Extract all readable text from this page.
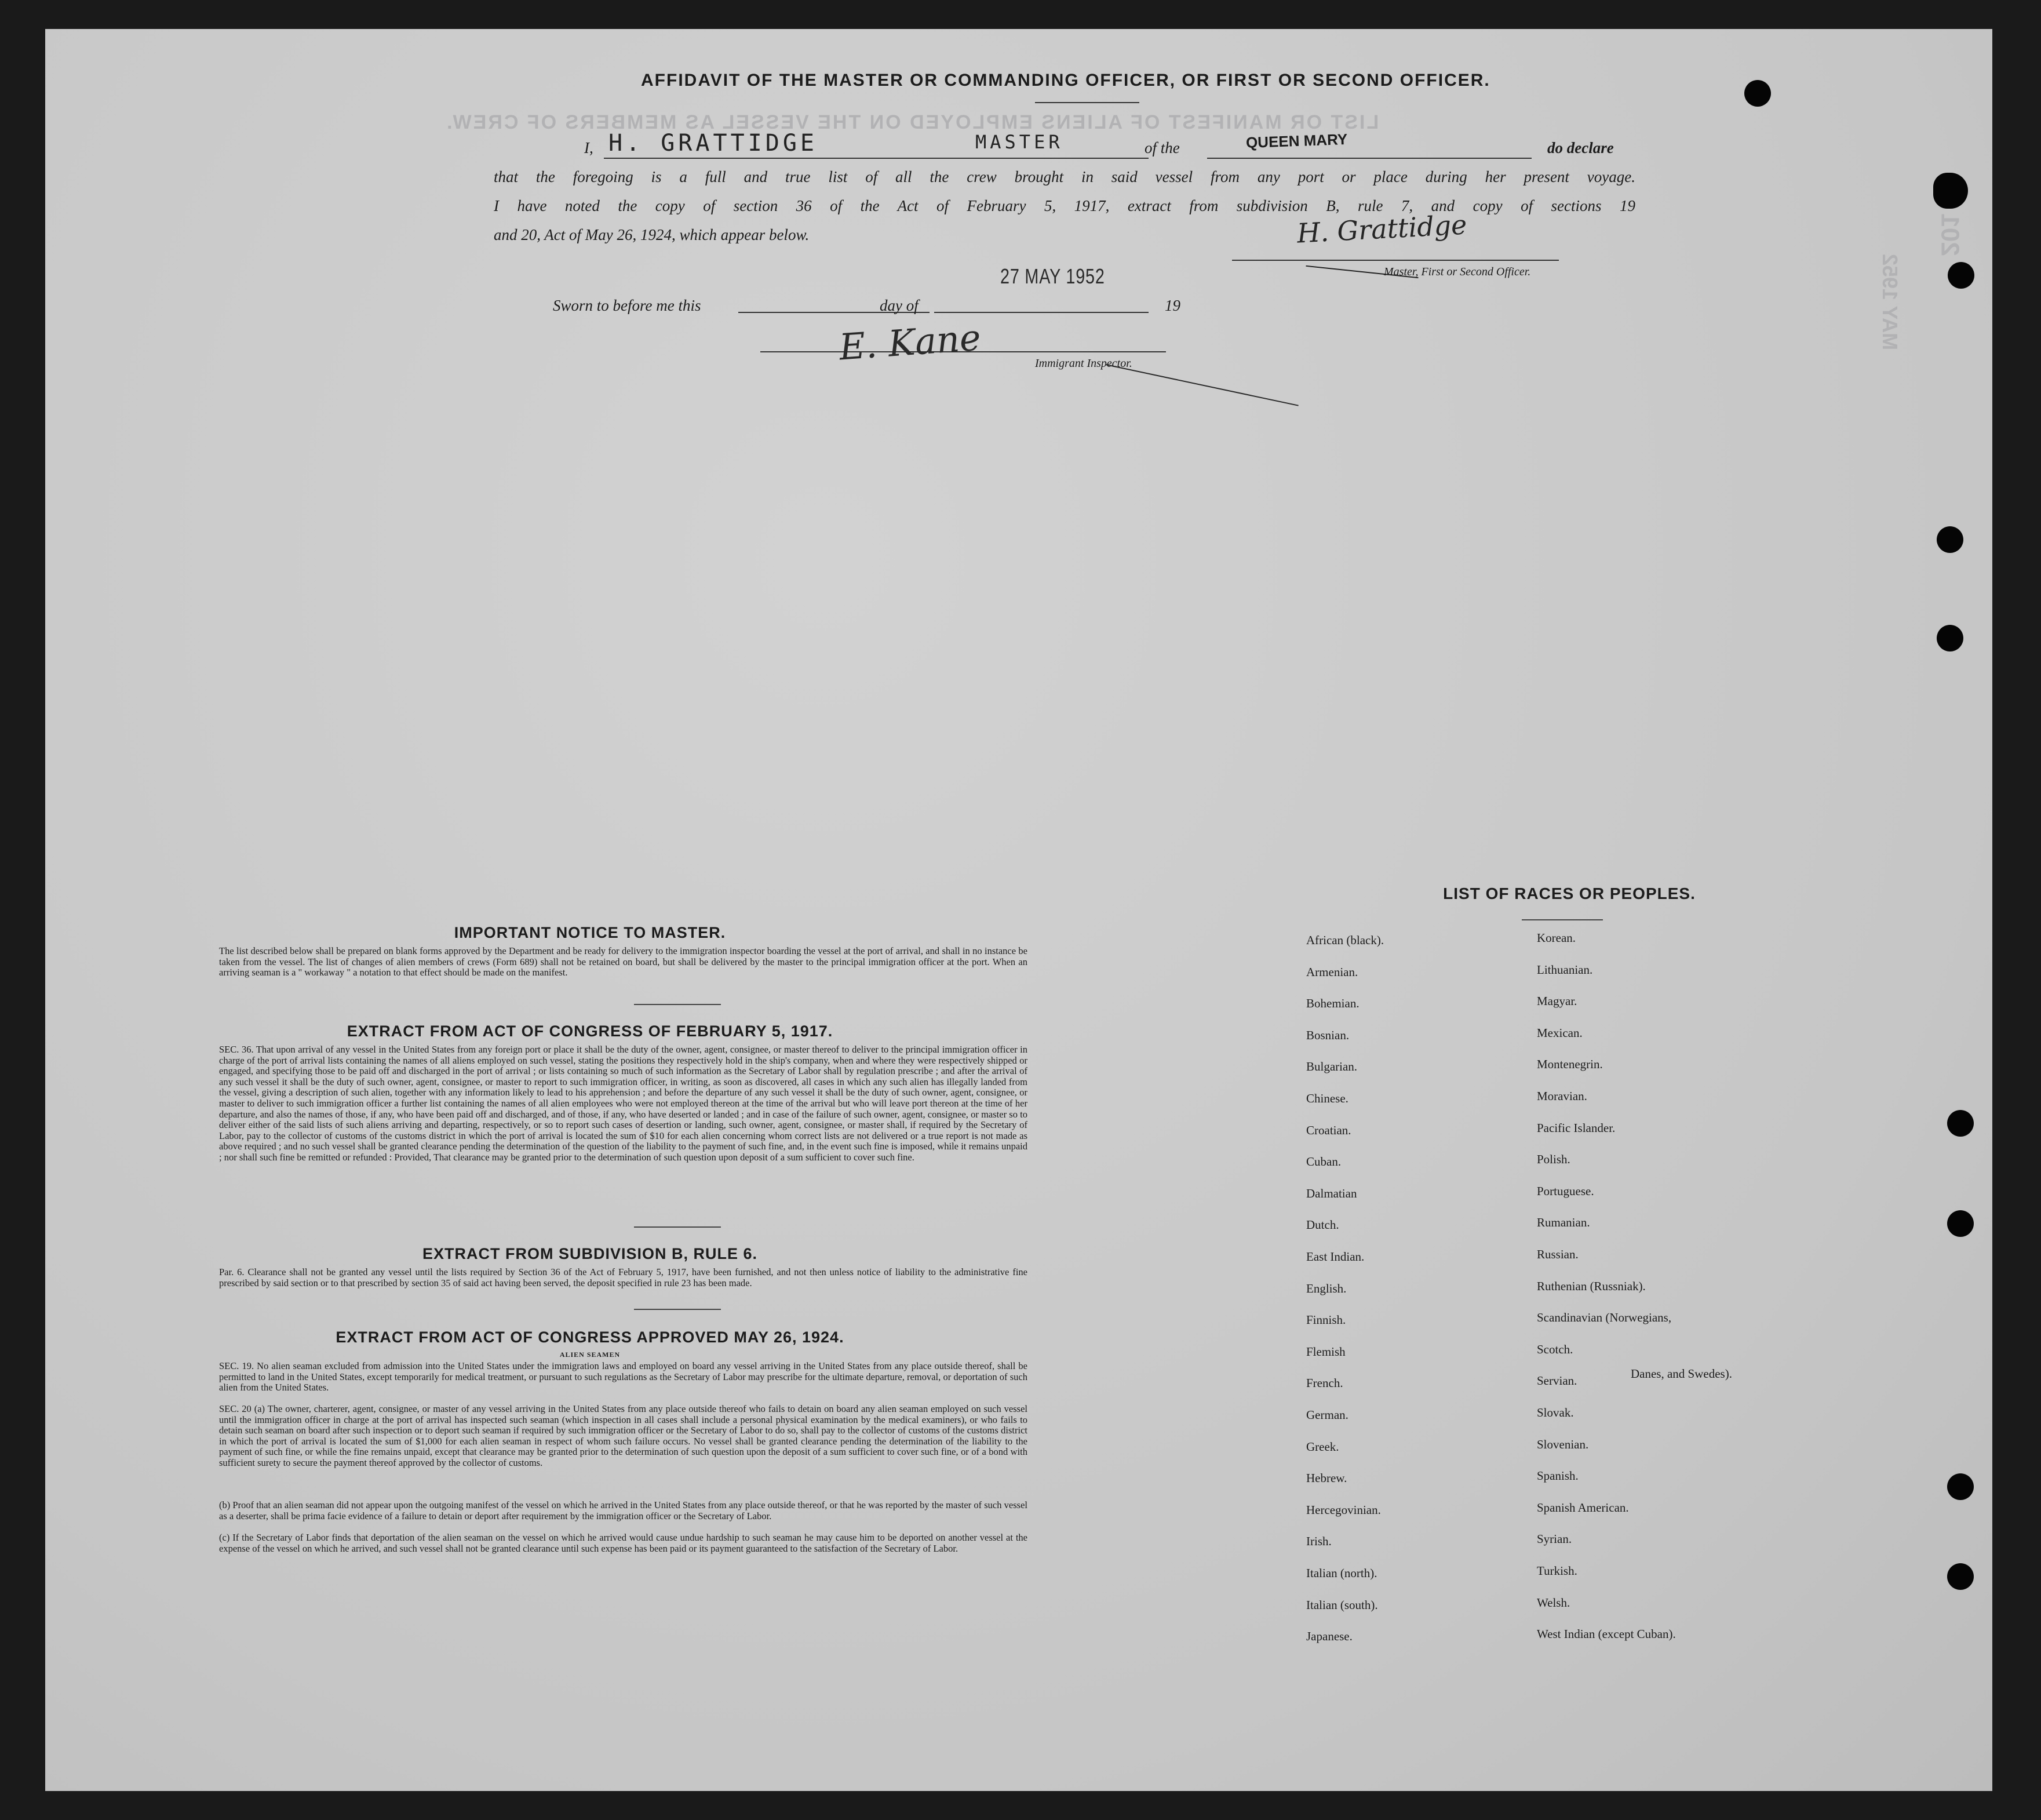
LIST OR MANIFEST OF ALIENS EMPLOYED ON THE VESSEL AS MEMBERS OF CREW.
201
MAY 1952
AFFIDAVIT OF THE MASTER OR COMMANDING OFFICER, OR FIRST OR SECOND OFFICER.
I, H. GRATTIDGE	MASTER	of the	QUEEN MARY	do declare
that the foregoing is a full and true list of all the crew brought in said vessel from any port or place during her present voyage.
I have noted the copy of section 36 of the Act of February 5, 1917, extract from subdivision B, rule 7, and copy of sections 19
and 20, Act of May 26, 1924, which appear below.	H. Grattidge
Master, First or Second Officer.
27 MAY 1952
Sworn to before me this	day of	19
E. Kane	Immigrant Inspector.
IMPORTANT NOTICE TO MASTER.
The list described below shall be prepared on blank forms approved by the Department and be ready for delivery to the immigration inspector boarding the vessel at the port of arrival, and shall in no instance be taken from the vessel. The list of changes of alien members of crews (Form 689) shall not be retained on board, but shall be delivered by the master to the principal immigration officer at the port. When an arriving seaman is a " workaway " a notation to that effect should be made on the manifest.
EXTRACT FROM ACT OF CONGRESS OF FEBRUARY 5, 1917.
SEC. 36. That upon arrival of any vessel in the United States from any foreign port or place it shall be the duty of the owner, agent, consignee, or master thereof to deliver to the principal immigration officer in charge of the port of arrival lists containing the names of all aliens employed on such vessel, stating the positions they respectively hold in the ship's company, when and where they were respectively shipped or engaged, and specifying those to be paid off and discharged in the port of arrival ; or lists containing so much of such information as the Secretary of Labor shall by regulation prescribe ; and after the arrival of any such vessel it shall be the duty of such owner, agent, consignee, or master to report to such immigration officer, in writing, as soon as discovered, all cases in which any such alien has illegally landed from the vessel, giving a description of such alien, together with any information likely to lead to his apprehension ; and before the departure of any such vessel it shall be the duty of such owner, agent, consignee, or master to deliver to such immigration officer a further list containing the names of all alien employees who were not employed thereon at the time of the arrival but who will leave port thereon at the time of her departure, and also the names of those, if any, who have been paid off and discharged, and of those, if any, who have deserted or landed ; and in case of the failure of such owner, agent, consignee, or master so to deliver either of the said lists of such aliens arriving and departing, respectively, or so to report such cases of desertion or landing, such owner, agent, consignee, or master shall, if required by the Secretary of Labor, pay to the collector of customs of the customs district in which the port of arrival is located the sum of $10 for each alien concerning whom correct lists are not delivered or a true report is not made as above required ; and no such vessel shall be granted clearance pending the determination of the question of the liability to the payment of such fine, and, in the event such fine is imposed, while it remains unpaid ; nor shall such fine be remitted or refunded : Provided, That clearance may be granted prior to the determination of such question upon deposit of a sum sufficient to cover such fine.
EXTRACT FROM SUBDIVISION B, RULE 6.
Par. 6. Clearance shall not be granted any vessel until the lists required by Section 36 of the Act of February 5, 1917, have been furnished, and not then unless notice of liability to the administrative fine prescribed by said section or to that prescribed by section 35 of said act having been served, the deposit specified in rule 23 has been made.
EXTRACT FROM ACT OF CONGRESS APPROVED MAY 26, 1924.
ALIEN SEAMEN
SEC. 19. No alien seaman excluded from admission into the United States under the immigration laws and employed on board any vessel arriving in the United States from any place outside thereof, shall be permitted to land in the United States, except temporarily for medical treatment, or pursuant to such regulations as the Secretary of Labor may prescribe for the ultimate departure, removal, or deportation of such alien from the United States.
SEC. 20 (a) The owner, charterer, agent, consignee, or master of any vessel arriving in the United States from any place outside thereof who fails to detain on board any alien seaman employed on such vessel until the immigration officer in charge at the port of arrival has inspected such seaman (which inspection in all cases shall include a personal physical examination by the medical examiners), or who fails to detain such seaman on board after such inspection or to deport such seaman if required by such immigration officer or the Secretary of Labor to do so, shall pay to the collector of customs of the customs district in which the port of arrival is located the sum of $1,000 for each alien seaman in respect of whom such failure occurs. No vessel shall be granted clearance pending the determination of the liability to the payment of such fine, or while the fine remains unpaid, except that clearance may be granted prior to the determination of such question upon the deposit of a sum sufficient to cover such fine, or of a bond with sufficient surety to secure the payment thereof approved by the collector of customs.
(b) Proof that an alien seaman did not appear upon the outgoing manifest of the vessel on which he arrived in the United States from any place outside thereof, or that he was reported by the master of such vessel as a deserter, shall be prima facie evidence of a failure to detain or deport after requirement by the immigration officer or the Secretary of Labor.
(c) If the Secretary of Labor finds that deportation of the alien seaman on the vessel on which he arrived would cause undue hardship to such seaman he may cause him to be deported on another vessel at the expense of the vessel on which he arrived, and such vessel shall not be granted clearance until such expense has been paid or its payment guaranteed to the satisfaction of the Secretary of Labor.
LIST OF RACES OR PEOPLES.
African (black).
Armenian.
Bohemian.
Bosnian.
Bulgarian.
Chinese.
Croatian.
Cuban.
Dalmatian
Dutch.
East Indian.
English.
Finnish.
Flemish
French.
German.
Greek.
Hebrew.
Hercegovinian.
Irish.
Italian (north).
Italian (south).
Japanese.
Korean.
Lithuanian.
Magyar.
Mexican.
Montenegrin.
Moravian.
Pacific Islander.
Polish.
Portuguese.
Rumanian.
Russian.
Ruthenian (Russniak).
Scandinavian (Norwegians,
Scotch.
Servian.
Slovak.
Slovenian.
Spanish.
Spanish American.
Syrian.
Turkish.
Welsh.
West Indian (except Cuban).
Danes, and Swedes).
